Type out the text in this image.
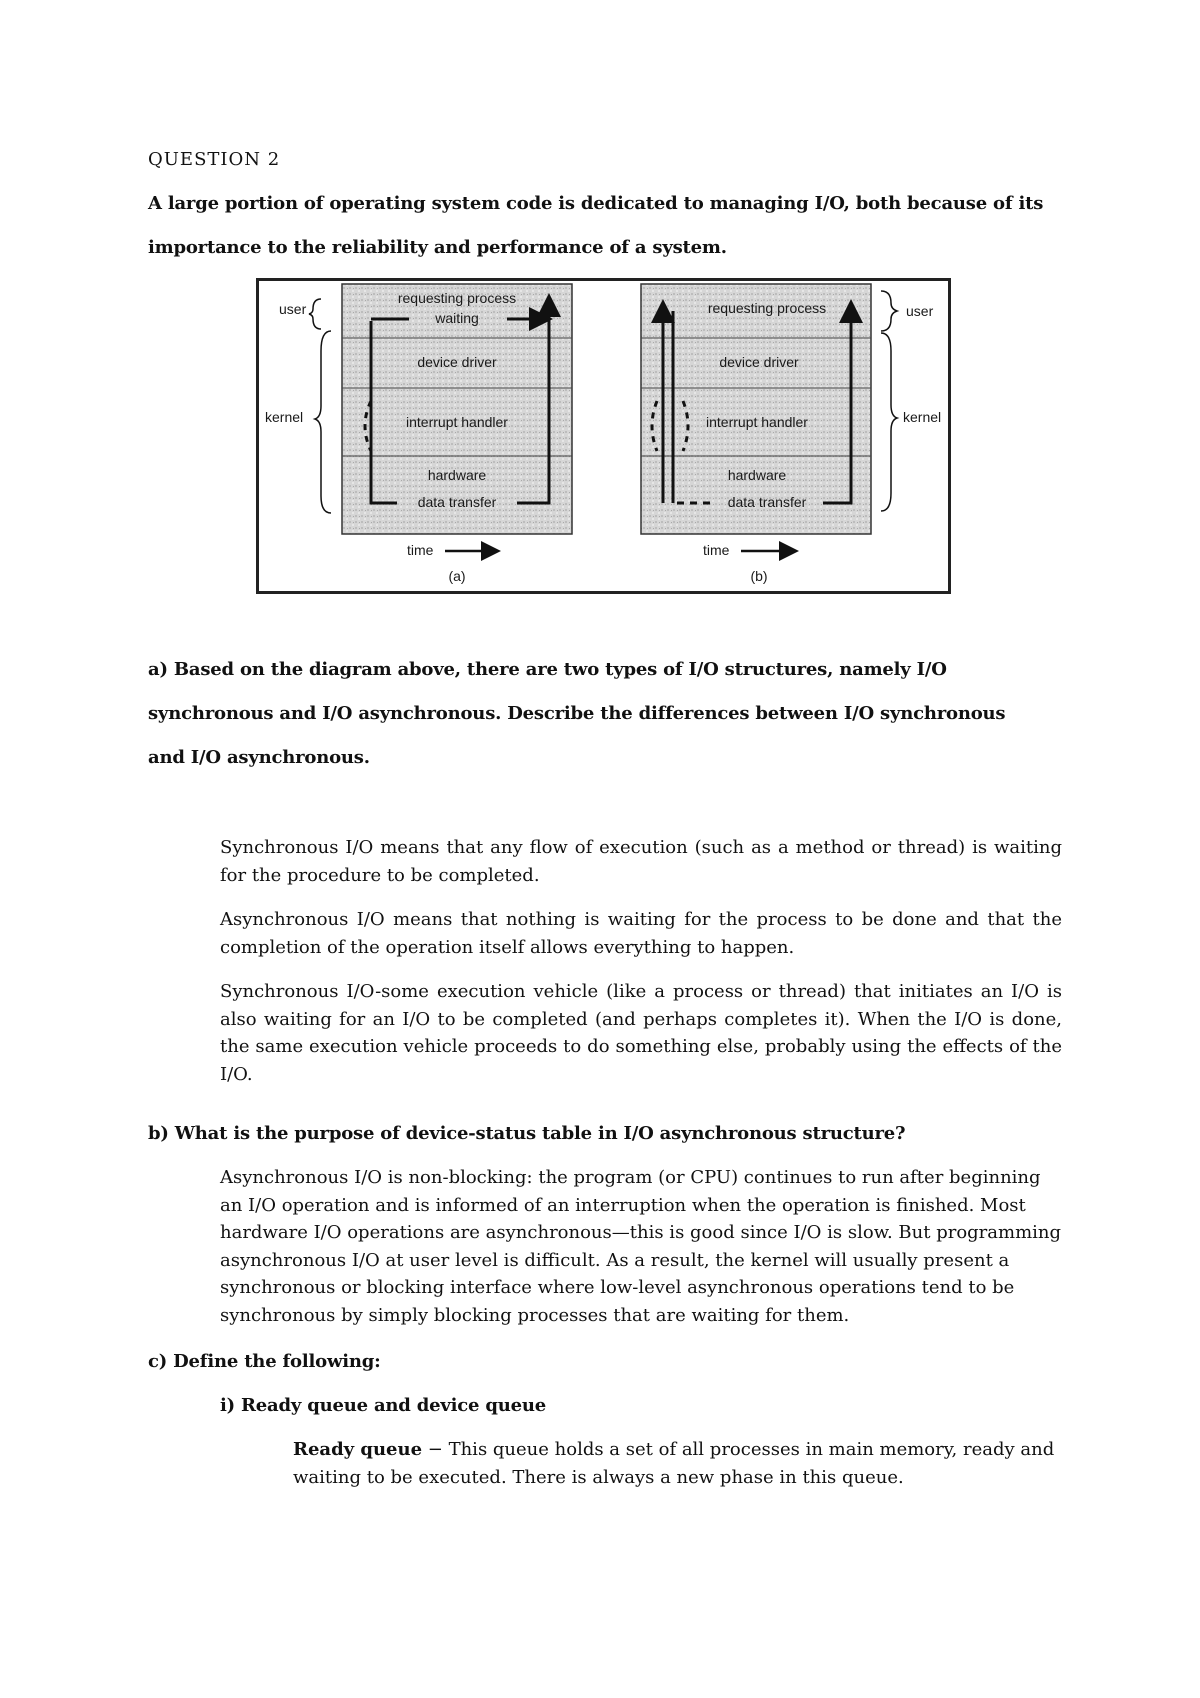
QUESTION 2
A large portion of operating system code is dedicated to managing I/O, both because of its
importance to the reliability and performance of a system.
requesting process
waiting
device driver
interrupt handler
hardware
data transfer
user
kernel
time
(a)
requesting process
device driver
interrupt handler
hardware
data transfer
user
kernel
time
(b)
a) Based on the diagram above, there are two types of I/O structures, namely I/O
synchronous and I/O asynchronous. Describe the differences between I/O synchronous
and I/O asynchronous.
Synchronous I/O means that any flow of execution (such as a method or thread) is waiting for the procedure to be completed.
Asynchronous I/O means that nothing is waiting for the process to be done and that the completion of the operation itself allows everything to happen.
Synchronous I/O-some execution vehicle (like a process or thread) that initiates an I/O is also waiting for an I/O to be completed (and perhaps completes it). When the I/O is done, the same execution vehicle proceeds to do something else, probably using the effects of the I/O.
b) What is the purpose of device-status table in I/O asynchronous structure?
Asynchronous I/O is non-blocking: the program (or CPU) continues to run after beginning an I/O operation and is informed of an interruption when the operation is finished. Most hardware I/O operations are asynchronous—this is good since I/O is slow. But programming asynchronous I/O at user level is difficult. As a result, the kernel will usually present a synchronous or blocking interface where low-level asynchronous operations tend to be synchronous by simply blocking processes that are waiting for them.
c) Define the following:
i) Ready queue and device queue
Ready queue − This queue holds a set of all processes in main memory, ready and waiting to be executed. There is always a new phase in this queue.
